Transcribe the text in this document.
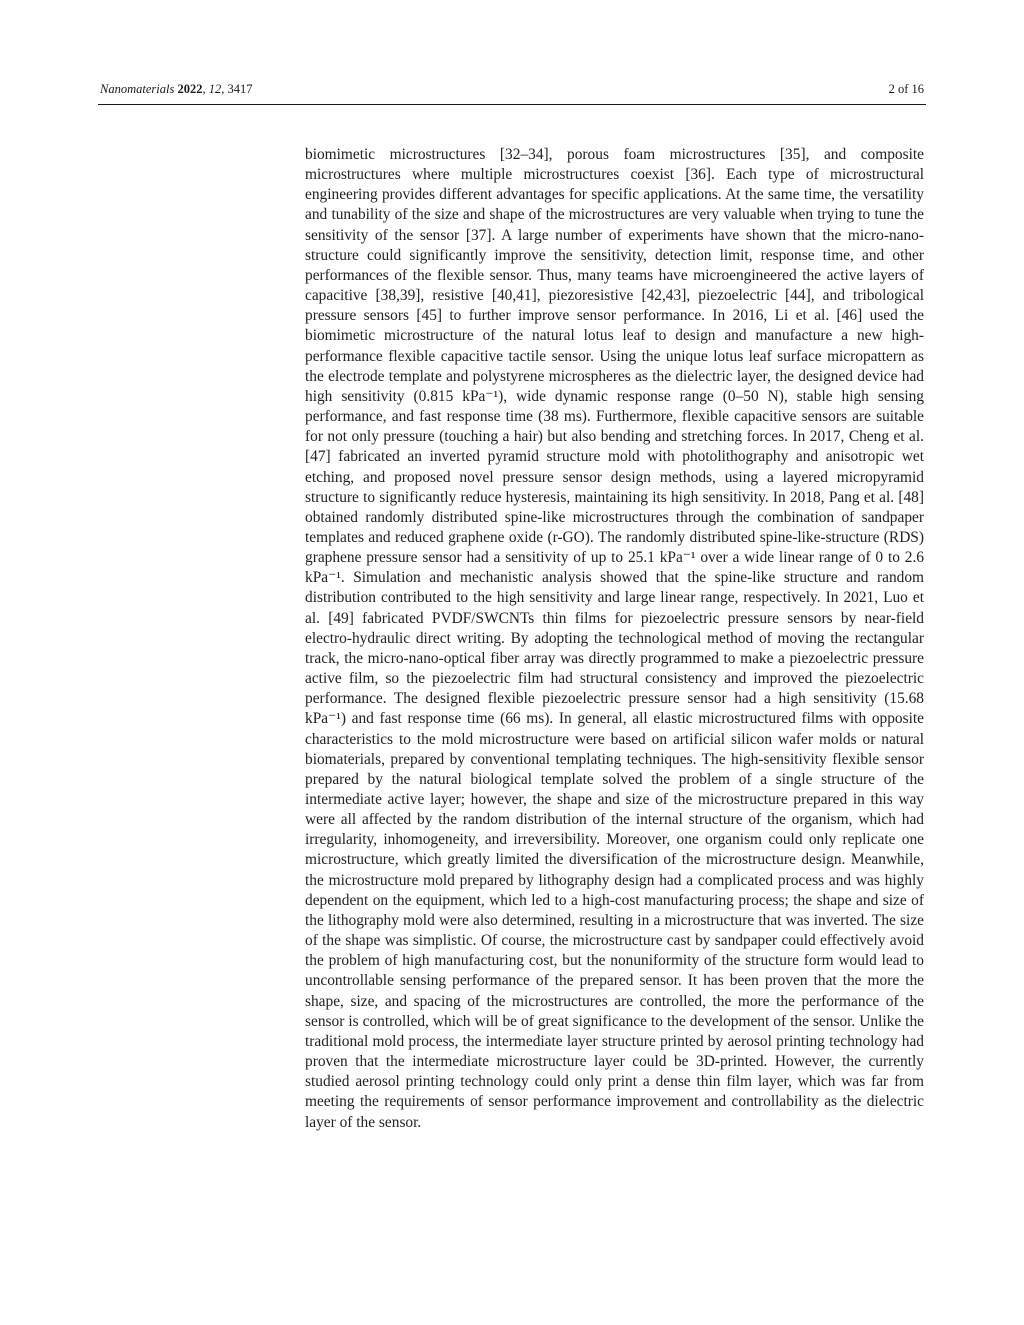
Nanomaterials 2022, 12, 3417	2 of 16

biomimetic microstructures [32–34], porous foam microstructures [35], and composite microstructures where multiple microstructures coexist [36]. Each type of microstructural engineering provides different advantages for specific applications. At the same time, the versatility and tunability of the size and shape of the microstructures are very valuable when trying to tune the sensitivity of the sensor [37]. A large number of experiments have shown that the micro-nano-structure could significantly improve the sensitivity, detection limit, response time, and other performances of the flexible sensor. Thus, many teams have microengineered the active layers of capacitive [38,39], resistive [40,41], piezoresistive [42,43], piezoelectric [44], and tribological pressure sensors [45] to further improve sensor performance. In 2016, Li et al. [46] used the biomimetic microstructure of the natural lotus leaf to design and manufacture a new high-performance flexible capacitive tactile sensor. Using the unique lotus leaf surface micropattern as the electrode template and polystyrene microspheres as the dielectric layer, the designed device had high sensitivity (0.815 kPa⁻¹), wide dynamic response range (0–50 N), stable high sensing performance, and fast response time (38 ms). Furthermore, flexible capacitive sensors are suitable for not only pressure (touching a hair) but also bending and stretching forces. In 2017, Cheng et al. [47] fabricated an inverted pyramid structure mold with photolithography and anisotropic wet etching, and proposed novel pressure sensor design methods, using a layered micropyramid structure to significantly reduce hysteresis, maintaining its high sensitivity. In 2018, Pang et al. [48] obtained randomly distributed spine-like microstructures through the combination of sandpaper templates and reduced graphene oxide (r-GO). The randomly distributed spine-like-structure (RDS) graphene pressure sensor had a sensitivity of up to 25.1 kPa⁻¹ over a wide linear range of 0 to 2.6 kPa⁻¹. Simulation and mechanistic analysis showed that the spine-like structure and random distribution contributed to the high sensitivity and large linear range, respectively. In 2021, Luo et al. [49] fabricated PVDF/SWCNTs thin films for piezoelectric pressure sensors by near-field electro-hydraulic direct writing. By adopting the technological method of moving the rectangular track, the micro-nano-optical fiber array was directly programmed to make a piezoelectric pressure active film, so the piezoelectric film had structural consistency and improved the piezoelectric performance. The designed flexible piezoelectric pressure sensor had a high sensitivity (15.68 kPa⁻¹) and fast response time (66 ms). In general, all elastic microstructured films with opposite characteristics to the mold microstructure were based on artificial silicon wafer molds or natural biomaterials, prepared by conventional templating techniques. The high-sensitivity flexible sensor prepared by the natural biological template solved the problem of a single structure of the intermediate active layer; however, the shape and size of the microstructure prepared in this way were all affected by the random distribution of the internal structure of the organism, which had irregularity, inhomogeneity, and irreversibility. Moreover, one organism could only replicate one microstructure, which greatly limited the diversification of the microstructure design. Meanwhile, the microstructure mold prepared by lithography design had a complicated process and was highly dependent on the equipment, which led to a high-cost manufacturing process; the shape and size of the lithography mold were also determined, resulting in a microstructure that was inverted. The size of the shape was simplistic. Of course, the microstructure cast by sandpaper could effectively avoid the problem of high manufacturing cost, but the nonuniformity of the structure form would lead to uncontrollable sensing performance of the prepared sensor. It has been proven that the more the shape, size, and spacing of the microstructures are controlled, the more the performance of the sensor is controlled, which will be of great significance to the development of the sensor. Unlike the traditional mold process, the intermediate layer structure printed by aerosol printing technology had proven that the intermediate microstructure layer could be 3D-printed. However, the currently studied aerosol printing technology could only print a dense thin film layer, which was far from meeting the requirements of sensor performance improvement and controllability as the dielectric layer of the sensor.
